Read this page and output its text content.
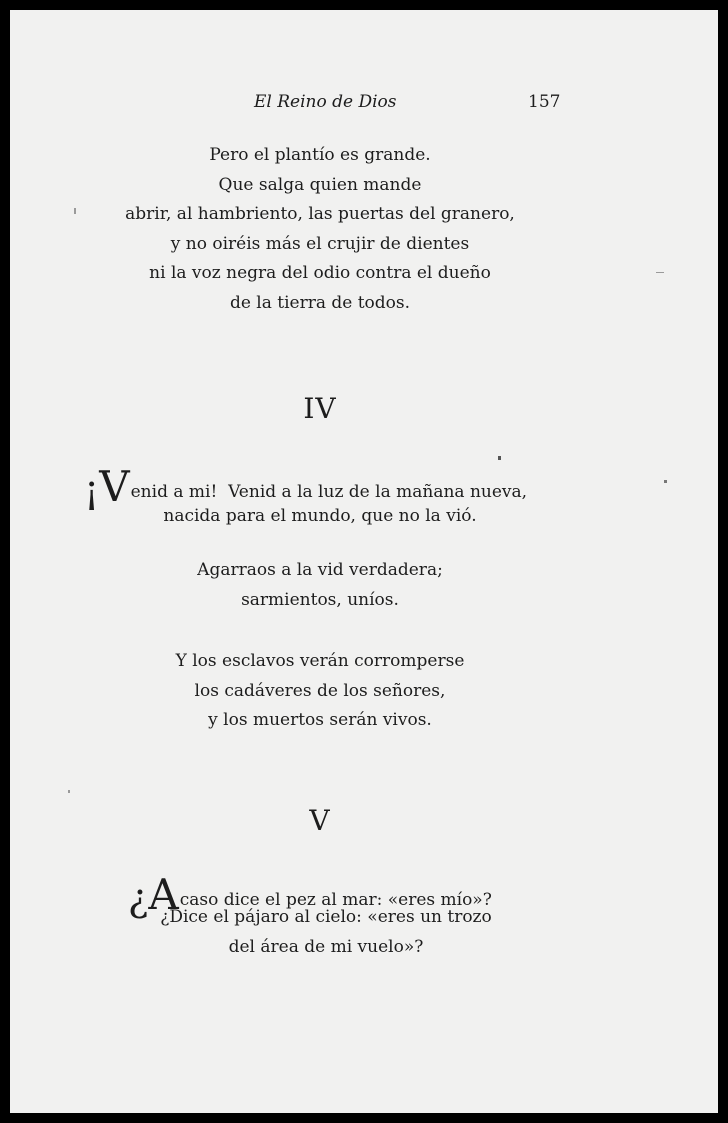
El Reino de Dios	157
Pero el plantío es grande.
Que salga quien mande
abrir, al hambriento, las puertas del granero,
y no oiréis más el crujir de dientes
ni la voz negra del odio contra el dueño
de la tierra de todos.
IV
¡Venid a mi!  Venid a la luz de la mañana nueva,
nacida para el mundo, que no la vió.
Agarraos a la vid verdadera;
sarmientos, uníos.
Y los esclavos verán corromperse
los cadáveres de los señores,
y los muertos serán vivos.
V
¿Acaso dice el pez al mar: «eres mío»?
¿Dice el pájaro al cielo: «eres un trozo
del área de mi vuelo»?
